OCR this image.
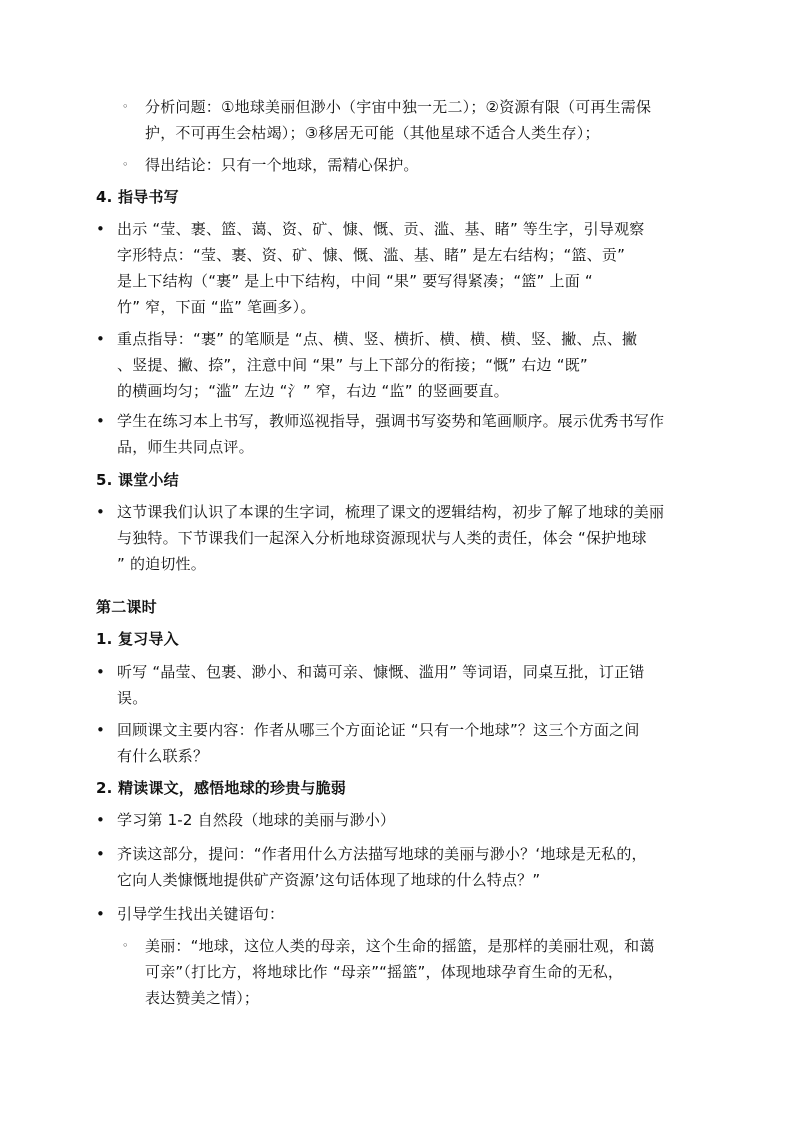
◦ 分析问题：①地球美丽但渺小（宇宙中独一无二）；②资源有限（可再生需保
护，不可再生会枯竭）；③移居无可能（其他星球不适合人类生存）；
◦ 得出结论：只有一个地球，需精心保护。
4. 指导书写
• 出示 “莹、裹、篮、蔼、资、矿、慷、慨、贡、滥、基、睹” 等生字，引导观察
字形特点：“莹、裹、资、矿、慷、慨、滥、基、睹” 是左右结构；“篮、贡”
是上下结构（“裹” 是上中下结构，中间 “果” 要写得紧凑；“篮” 上面 “
竹” 窄，下面 “监” 笔画多）。
• 重点指导：“裹” 的笔顺是 “点、横、竖、横折、横、横、横、竖、撇、点、撇
、竖提、撇、捺”，注意中间 “果” 与上下部分的衔接；“慨” 右边 “既”
的横画均匀；“滥” 左边 “氵” 窄，右边 “监” 的竖画要直。
• 学生在练习本上书写，教师巡视指导，强调书写姿势和笔画顺序。展示优秀书写作
品，师生共同点评。
5. 课堂小结
• 这节课我们认识了本课的生字词，梳理了课文的逻辑结构，初步了解了地球的美丽
与独特。下节课我们一起深入分析地球资源现状与人类的责任，体会 “保护地球
” 的迫切性。
第二课时
1. 复习导入
• 听写 “晶莹、包裹、渺小、和蔼可亲、慷慨、滥用” 等词语，同桌互批，订正错
误。
• 回顾课文主要内容：作者从哪三个方面论证 “只有一个地球”？这三个方面之间
有什么联系？
2. 精读课文，感悟地球的珍贵与脆弱
• 学习第 1-2 自然段（地球的美丽与渺小）
• 齐读这部分，提问：“作者用什么方法描写地球的美丽与渺小？‘地球是无私的，
它向人类慷慨地提供矿产资源’这句话体现了地球的什么特点？”
• 引导学生找出关键语句：
◦ 美丽：“地球，这位人类的母亲，这个生命的摇篮，是那样的美丽壮观，和蔼
可亲”（打比方，将地球比作 “母亲”“摇篮”，体现地球孕育生命的无私，
表达赞美之情）；
